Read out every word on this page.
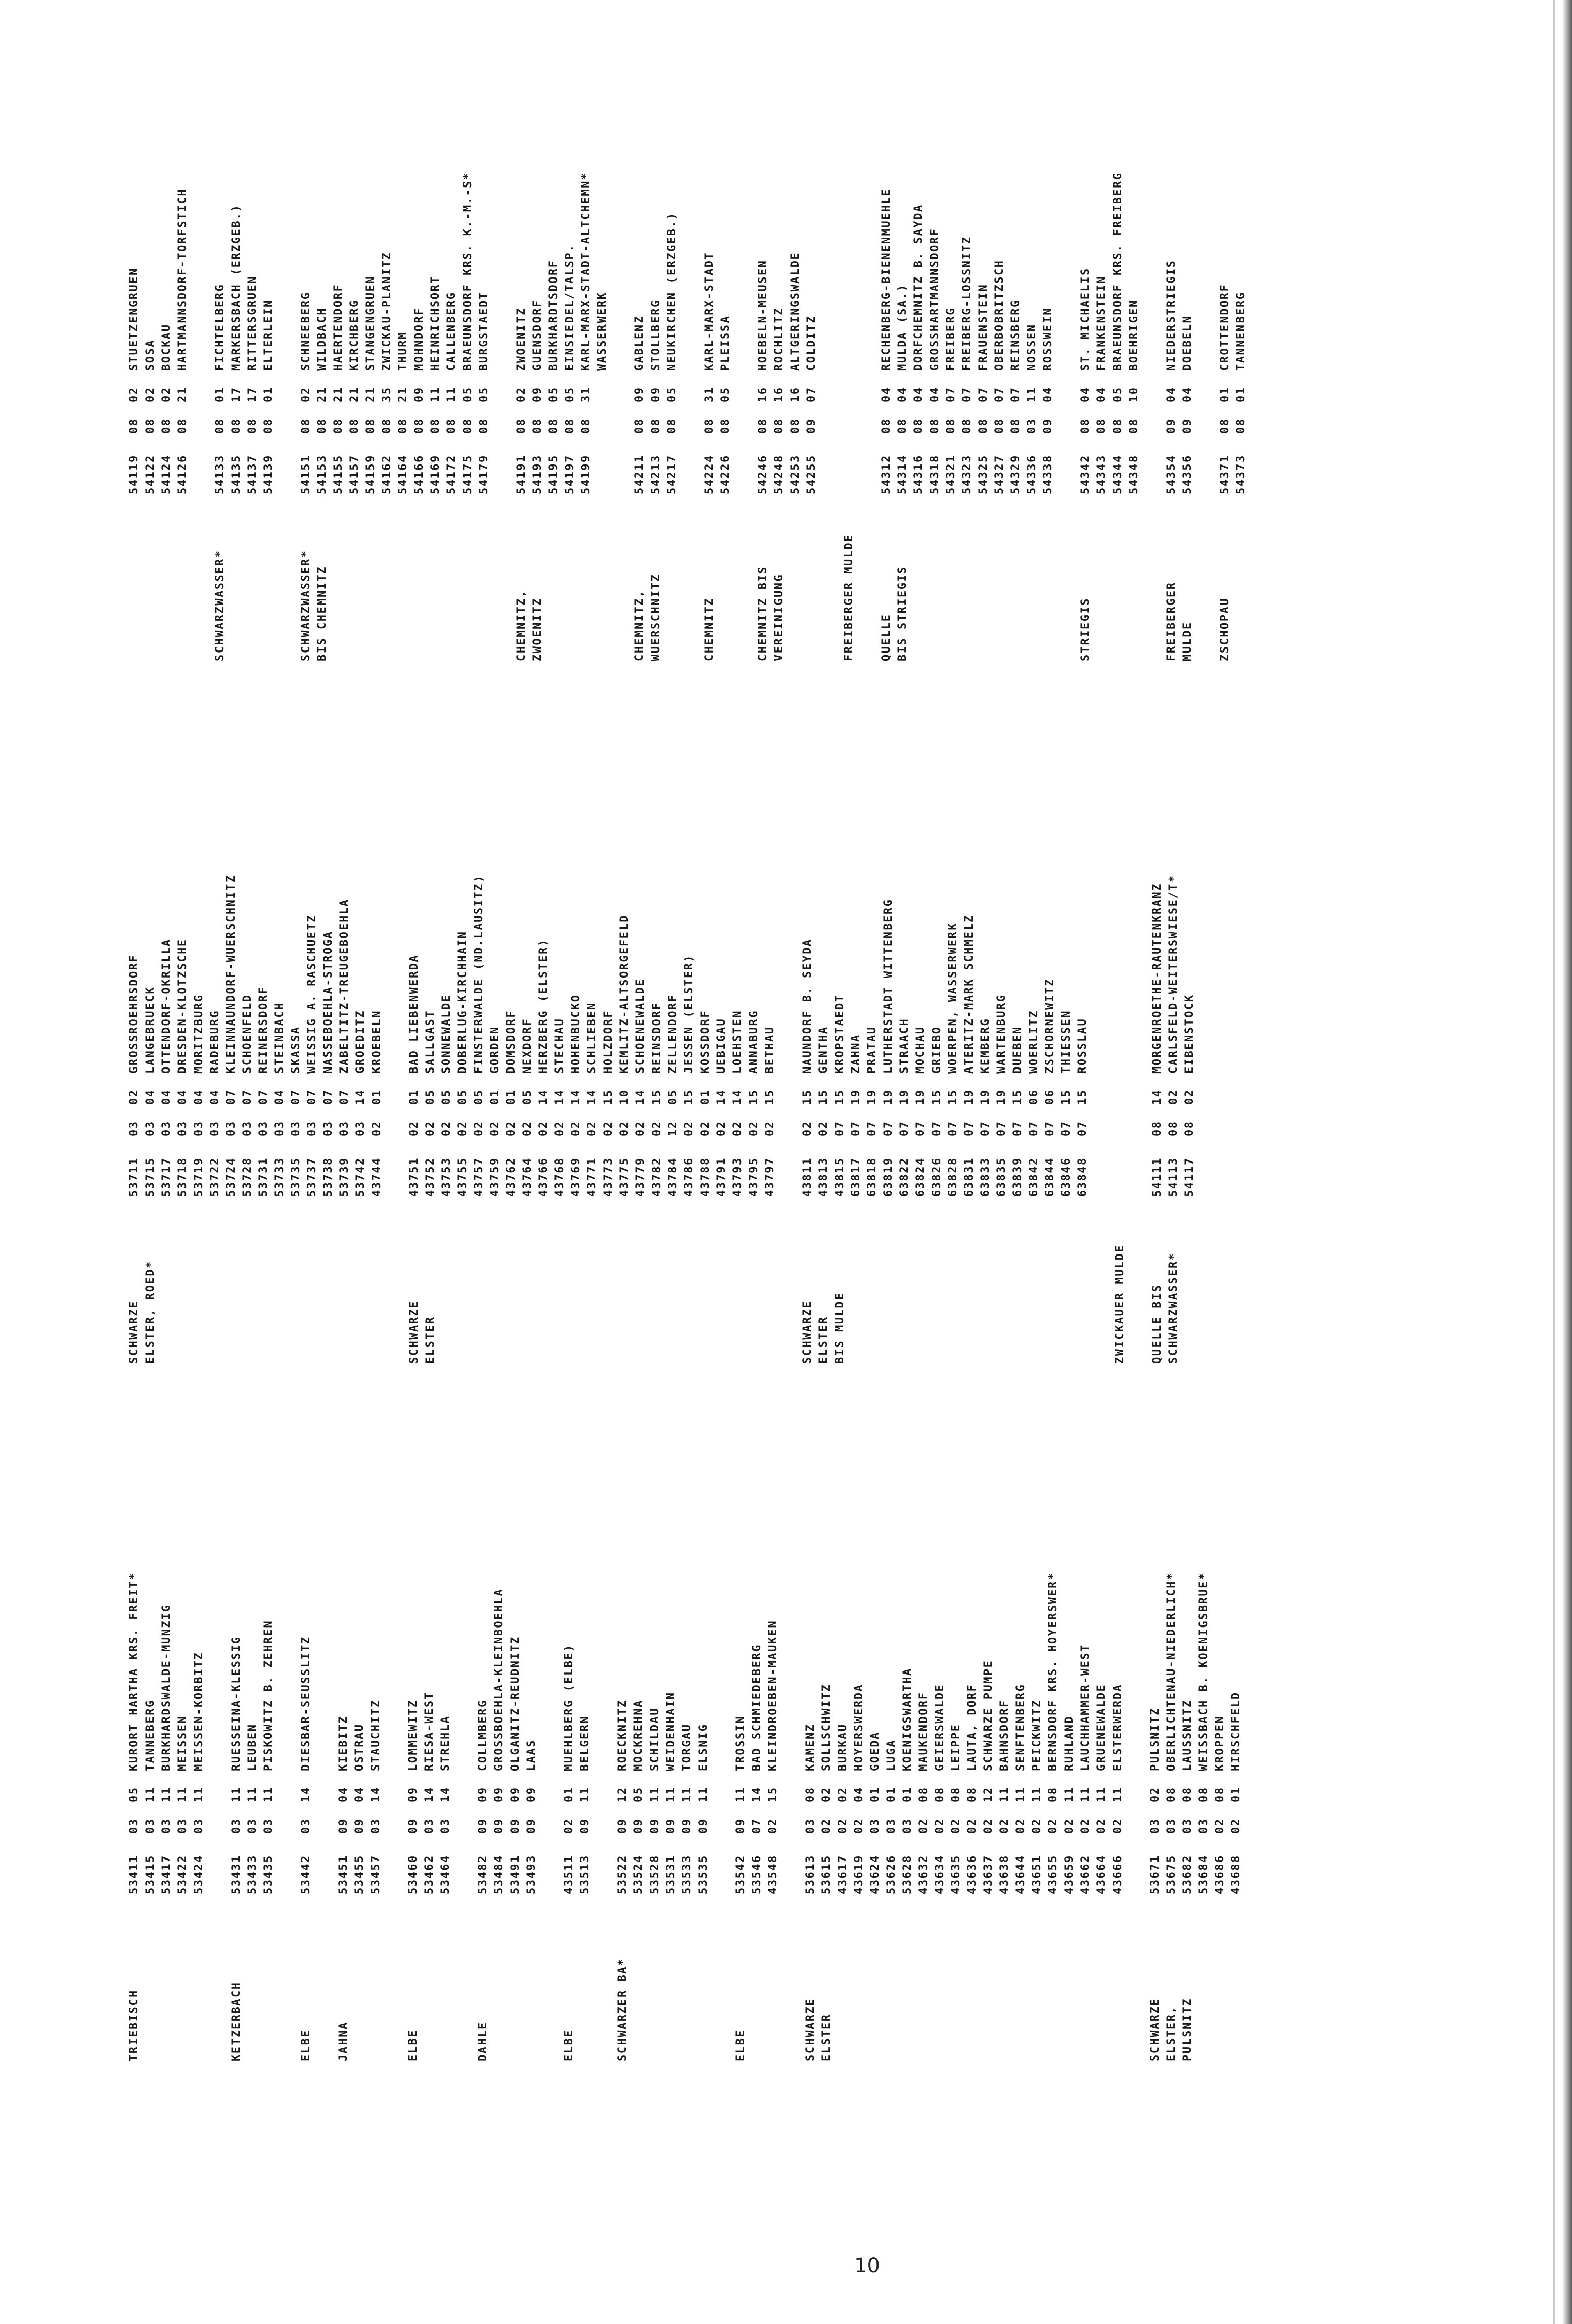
TRIEBISCH
534110305KURORT HARTHA KRS. FREIT*
534150311TANNEBERG
534170311BURKHARDSWALDE-MUNZIG
534220311MEISSEN
534240311MEISSEN-KORBITZ
KETZERBACH
534310311RUESSEINA-KLESSIG
534330311LEUBEN
534350311PISKOWITZ B. ZEHREN
ELBE
534420314DIESBAR-SEUSSLITZ
JAHNA
534510904KIEBITZ
534550904OSTRAU
534570314STAUCHITZ
ELBE
534600909LOMMEWITZ
534620314RIESA-WEST
534640314STREHLA
DAHLE
534820909COLLMBERG
534840909GROSSBOEHLA-KLEINBOEHLA
534910909OLGANITZ-REUDNITZ
534930909LAAS
ELBE
435110201MUEHLBERG (ELBE)
535130911BELGERN
SCHWARZER BA*
535220912ROECKNITZ
535240905MOCKREHNA
535280911SCHILDAU
535310911WEIDENHAIN
535330911TORGAU
535350911ELSNIG
ELBE
535420911TROSSIN
535460714BAD SCHMIEDEBERG
435480215KLEINDROEBEN-MAUKEN
SCHWARZE ELSTER
536130308KAMENZ
536150202SOLLSCHWITZ
436170202BURKAU
436190204HOYERSWERDA
436240301GOEDA
536260301LUGA
536280301KOENIGSWARTHA
436320208MAUKENDORF
436340208GEIERSWALDE
436350208LEIPPE
436360208LAUTA, DORF
436370212SCHWARZE PUMPE
436380211BAHNSDORF
436440211SENFTENBERG
436510211PEICKWITZ
436550208BERNSDORF KRS. HOYERSWER*
436590211RUHLAND
436620211LAUCHHAMMER-WEST
436640211GRUENEWALDE
436660211ELSTERWERDA
SCHWARZE ELSTER, PULSNITZ
536710302PULSNITZ
536750308OBERLICHTENAU-NIEDERLICH*
536820308LAUSSNITZ
536840308WEISSBACH B. KOENIGSBRUE*
436860208KROPPEN
436880201HIRSCHFELD
SCHWARZE ELSTER, ROED*
537110302GROSSROEHRSDORF
537150304LANGEBRUECK
537170304OTTENDORF-OKRILLA
537180304DRESDEN-KLOTZSCHE
537190304MORITZBURG
537220304RADEBURG
537240307KLEINNAUNDORF-WUERSCHNITZ
537280307SCHOENFELD
537310307REINERSDORF
537330304STEINBACH
537350307SKASSA
537370307WEISSIG A. RASCHUETZ
537380307NASSEBOEHLA-STROGA
537390307ZABELTITZ-TREUGEBOEHLA
537420314GROEDITZ
437440201KROEBELN
SCHWARZE ELSTER
437510201BAD LIEBENWERDA
437520205SALLGAST
437530205SONNEWALDE
437550205DOBERLUG-KIRCHHAIN
437570205FINSTERWALDE (ND.LAUSITZ)
437590201GORDEN
437620201DOMSDORF
437640205NEXDORF
437660214HERZBERG (ELSTER)
437680214STECHAU
437690214HOHENBUCKO
437710214SCHLIEBEN
437730215HOLZDORF
437750210KEMLITZ-ALTSORGEFELD
437790214SCHOENEWALDE
437820215REINSDORF
437841205ZELLENDORF
437860215JESSEN (ELSTER)
437880201KOSSDORF
437910214UEBIGAU
437930214LOEHSTEN
437950215ANNABURG
437970215BETHAU
SCHWARZE ELSTER BIS MULDE
438110215NAUNDORF B. SEYDA
438130215GENTHA
438150715KROPSTAEDT
638170719ZAHNA
638180719PRATAU
638190719LUTHERSTADT WITTENBERG
638220719STRAACH
638240719MOCHAU
638260715GRIEBO
638280715WOERPEN, WASSERWERK
638310719ATERITZ-MARK SCHMELZ
638330719KEMBERG
638350719WARTENBURG
638390715DUEBEN
638420706WOERLITZ
638440706ZSCHORNEWITZ
638460715THIESSEN
638480715ROSSLAU
ZWICKAUER MULDE QUELLE BIS SCHWARZWASSER*
541110814MORGENROETHE-RAUTENKRANZ
541130802CARLSFELD-WEITERSWIESE/T*
541170802EIBENSTOCK
541190802STUETZENGRUEN
541220802SOSA
541240802BOCKAU
541260821HARTMANNSDORF-TORFSTICH
SCHWARZWASSER*
541330801FICHTELBERG
541350817MARKERSBACH (ERZGEB.)
541370817RITTERSGRUEN
541390801ELTERLEIN
SCHWARZWASSER* BIS CHEMNITZ
541510802SCHNEEBERG
541530821WILDBACH
541550821HAERTENDORF
541570821KIRCHBERG
541590821STANGENGRUEN
541620835ZWICKAU-PLANITZ
541640821THURM
541660809MOHNDORF
541690811HEINRICHSORT
541720811CALLENBERG
541750805BRAEUNSDORF KRS. K.-M.-S*
541790805BURGSTAEDT
CHEMNITZ, ZWOENITZ
541910802ZWOENITZ
541930809GUENSDORF
541950805BURKHARDTSDORF
541970805EINSIEDEL/TALSP.
541990831KARL-MARX-STADT-ALTCHEMN* WASSERWERK
CHEMNITZ, WUERSCHNITZ
542110809GABLENZ
542130809STOLLBERG
542170805NEUKIRCHEN (ERZGEB.)
CHEMNITZ
542240831KARL-MARX-STADT
542260805PLEISSA
CHEMNITZ BIS VEREINIGUNG
542460816HOEBELN-MEUSEN
542480816ROCHLITZ
542530816ALTGERINGSWALDE
542550907COLDITZ
FREIBERGER MULDE QUELLE BIS STRIEGIS
543120804RECHENBERG-BIENENMUEHLE
543140804MULDA (SA.)
543160804DORFCHEMNITZ B. SAYDA
543180804GROSSHARTMANNSDORF
543210807FREIBERG
543230807FREIBERG-LOSSNITZ
543250807FRAUENSTEIN
543270807OBERBOBRITZSCH
543290807REINSBERG
543360311NOSSEN
543380904ROSSWEIN
STRIEGIS
543420804ST. MICHAELIS
543430804FRANKENSTEIN
543440805BRAEUNSDORF KRS. FREIBERG
543480810BOEHRIGEN
FREIBERGER MULDE
543540904NIEDERSTRIEGIS
543560904DOEBELN
ZSCHOPAU
543710801CROTTENDORF
543730801TANNENBERG
10
